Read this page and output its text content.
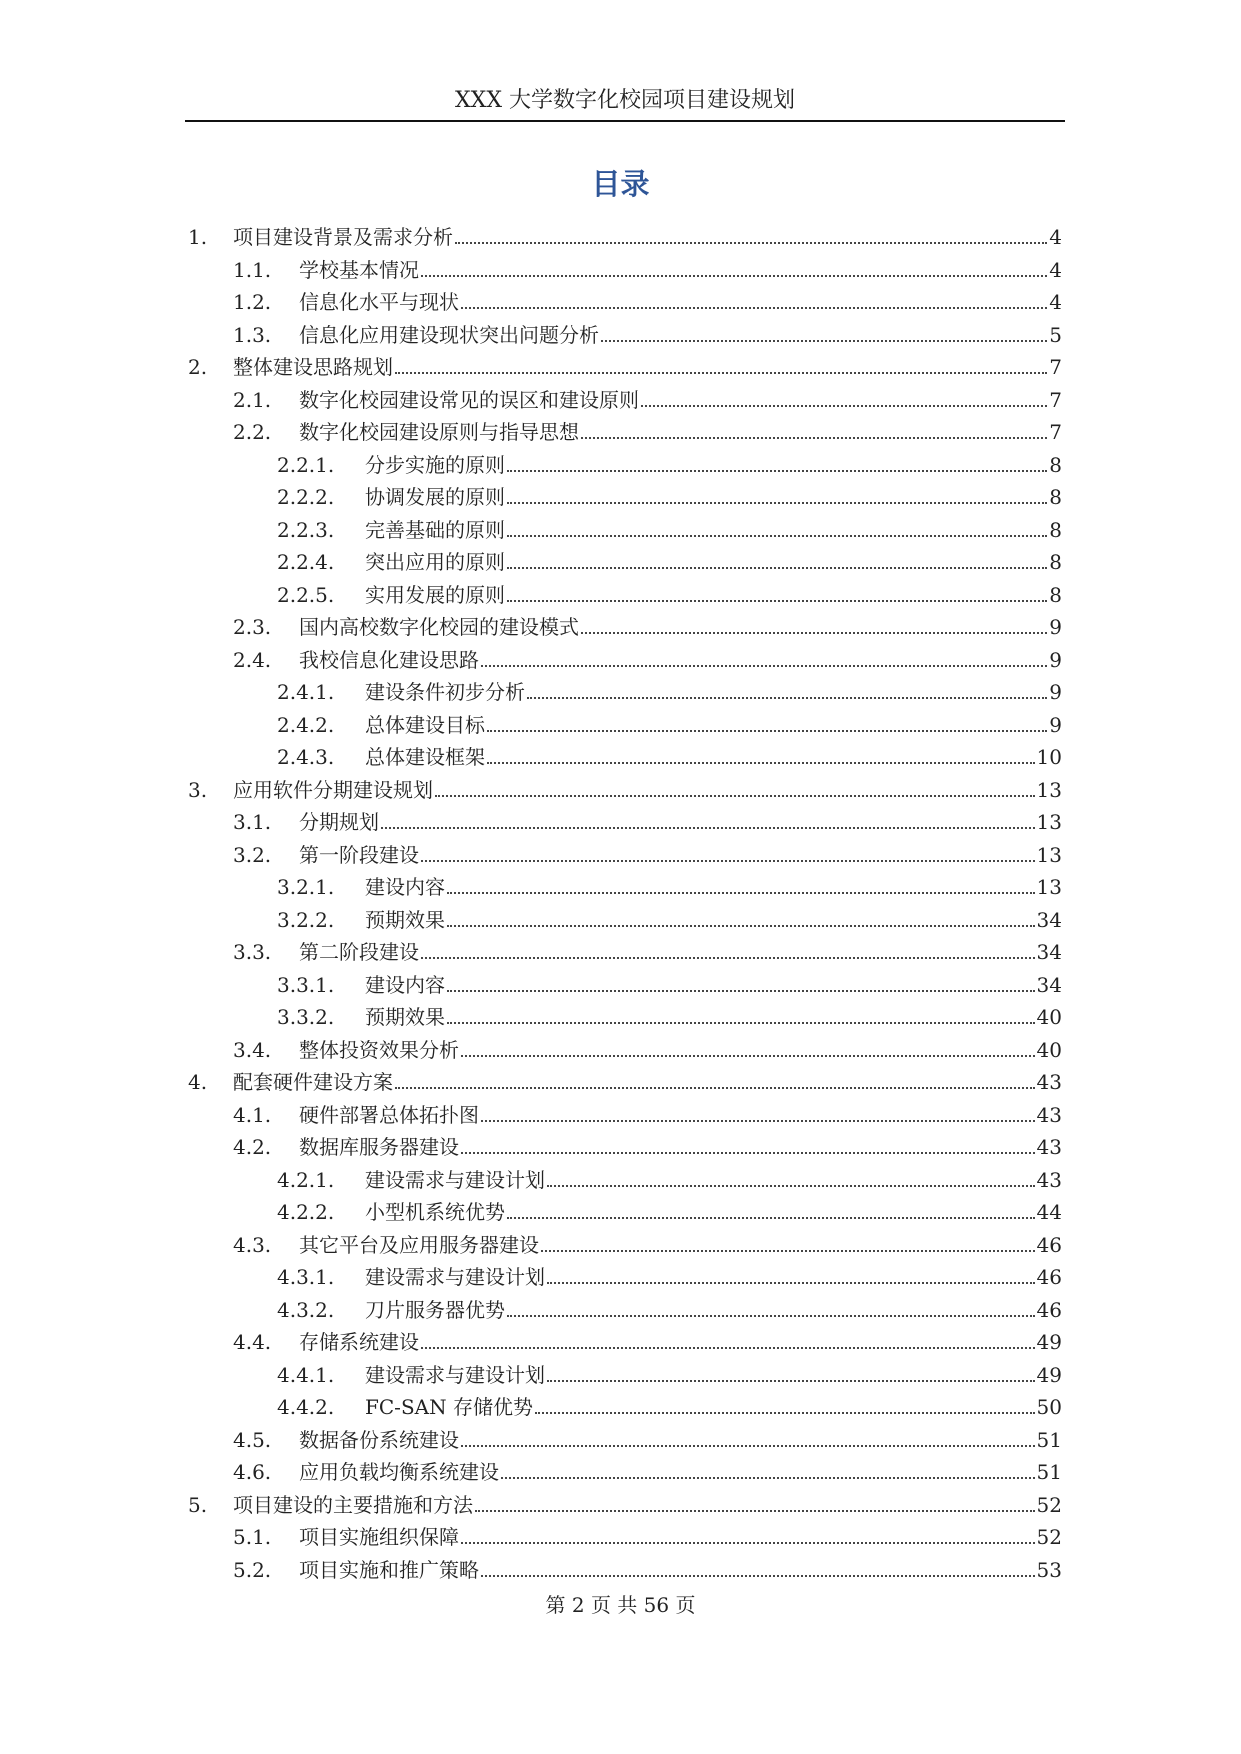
XXX 大学数字化校园项目建设规划
目录
1.	项目建设背景及需求分析	4
1.1.	学校基本情况	4
1.2.	信息化水平与现状	4
1.3.	信息化应用建设现状突出问题分析	5
2.	整体建设思路规划	7
2.1.	数字化校园建设常见的误区和建设原则	7
2.2.	数字化校园建设原则与指导思想	7
2.2.1.	分步实施的原则	8
2.2.2.	协调发展的原则	8
2.2.3.	完善基础的原则	8
2.2.4.	突出应用的原则	8
2.2.5.	实用发展的原则	8
2.3.	国内高校数字化校园的建设模式	9
2.4.	我校信息化建设思路	9
2.4.1.	建设条件初步分析	9
2.4.2.	总体建设目标	9
2.4.3.	总体建设框架	10
3.	应用软件分期建设规划	13
3.1.	分期规划	13
3.2.	第一阶段建设	13
3.2.1.	建设内容	13
3.2.2.	预期效果	34
3.3.	第二阶段建设	34
3.3.1.	建设内容	34
3.3.2.	预期效果	40
3.4.	整体投资效果分析	40
4.	配套硬件建设方案	43
4.1.	硬件部署总体拓扑图	43
4.2.	数据库服务器建设	43
4.2.1.	建设需求与建设计划	43
4.2.2.	小型机系统优势	44
4.3.	其它平台及应用服务器建设	46
4.3.1.	建设需求与建设计划	46
4.3.2.	刀片服务器优势	46
4.4.	存储系统建设	49
4.4.1.	建设需求与建设计划	49
4.4.2.	FC-SAN 存储优势	50
4.5.	数据备份系统建设	51
4.6.	应用负载均衡系统建设	51
5.	项目建设的主要措施和方法	52
5.1.	项目实施组织保障	52
5.2.	项目实施和推广策略	53
第 2 页 共 56 页
